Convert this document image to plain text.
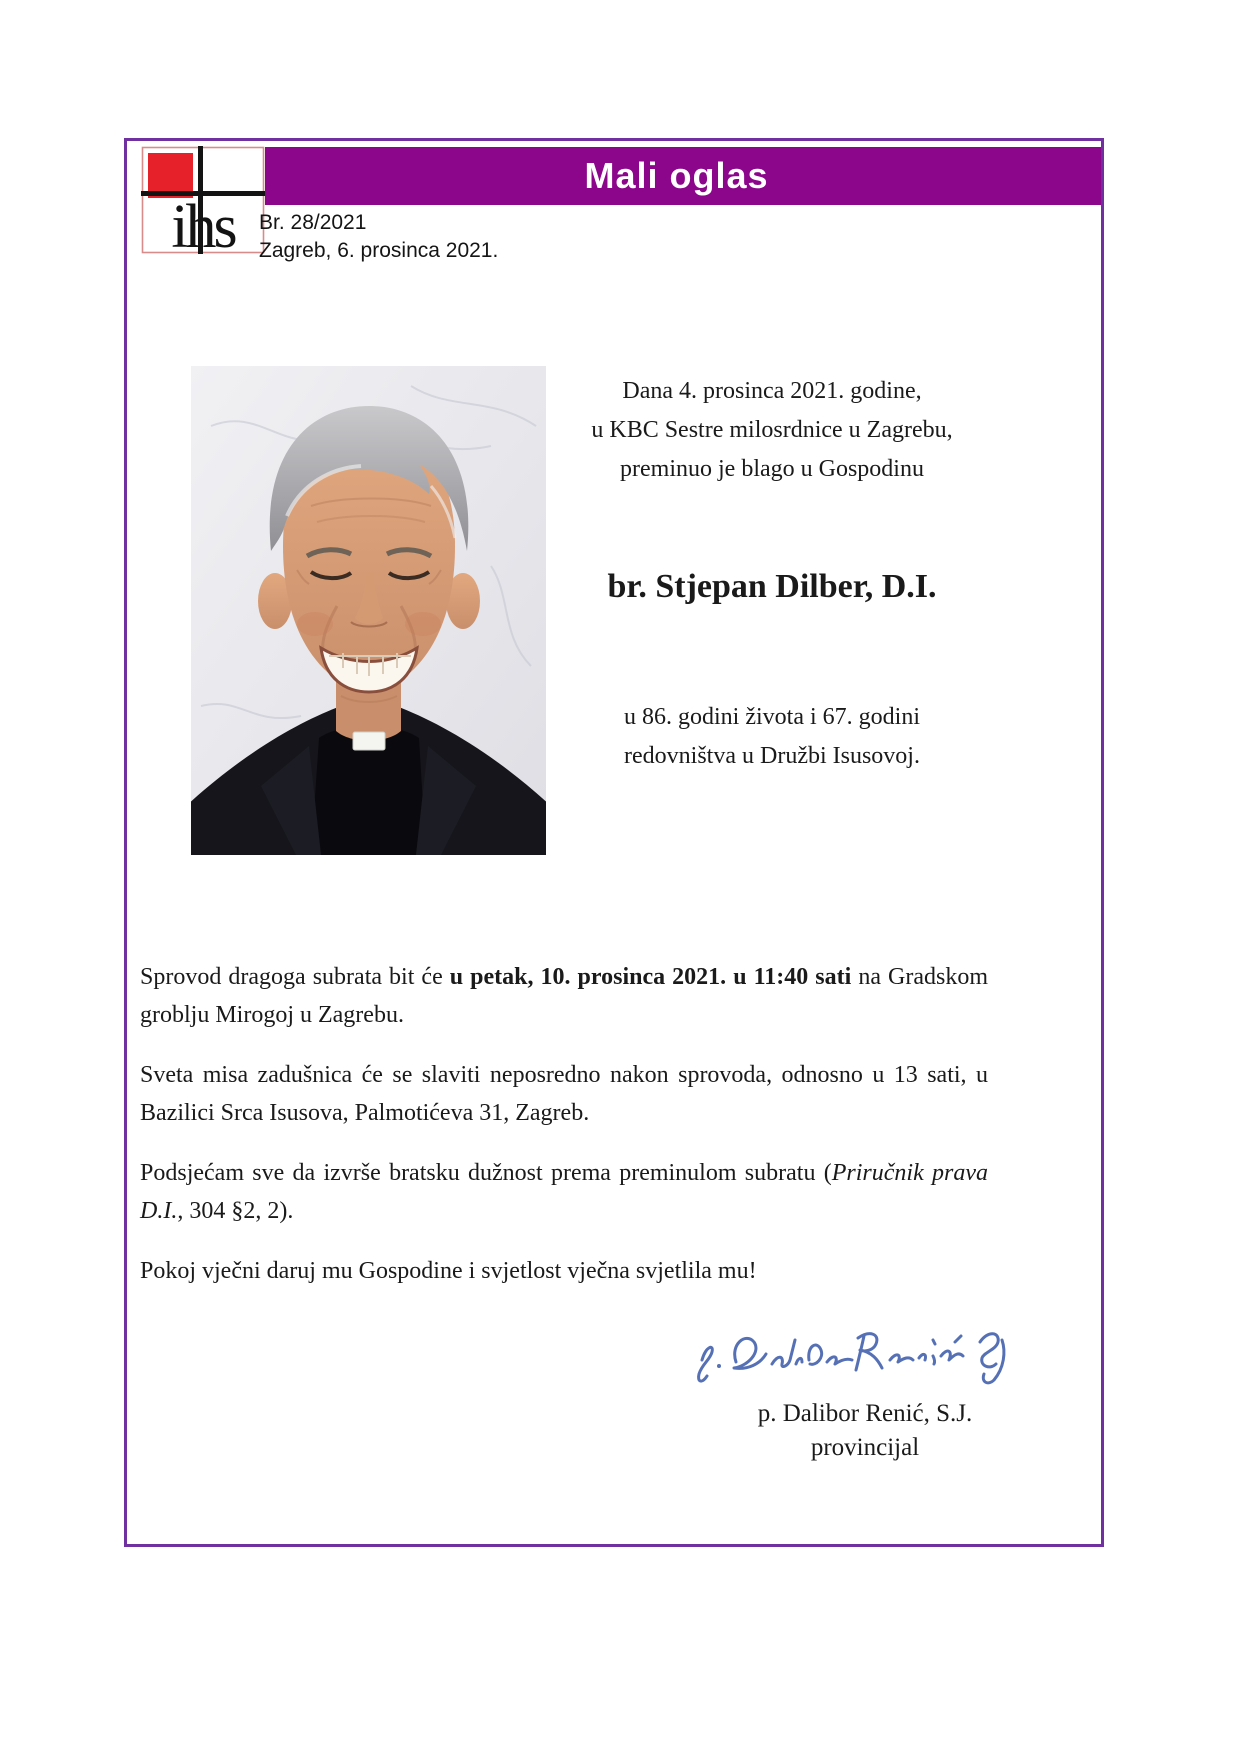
Mali oglas
ihs Br. 28/2021
Zagreb, 6. prosinca 2021.
Dana 4. prosinca 2021. godine,
u KBC Sestre milosrdnice u Zagrebu,
preminuo je blago u Gospodinu
br. Stjepan Dilber, D.I.
u 86. godini života i 67. godini
redovništva u Družbi Isusovoj.

Sprovod dragoga subrata bit će u petak, 10. prosinca 2021. u 11:40 sati na Gradskom groblju Mirogoj u Zagrebu.

Sveta misa zadušnica će se slaviti neposredno nakon sprovoda, odnosno u 13 sati, u Bazilici Srca Isusova, Palmotićeva 31, Zagreb.

Podsjećam sve da izvrše bratsku dužnost prema preminulom subratu (Priručnik prava D.I., 304 §2, 2).

Pokoj vječni daruj mu Gospodine i svjetlost vječna svjetlila mu!

p. Dalibor Renić, S.J.
provincijal
